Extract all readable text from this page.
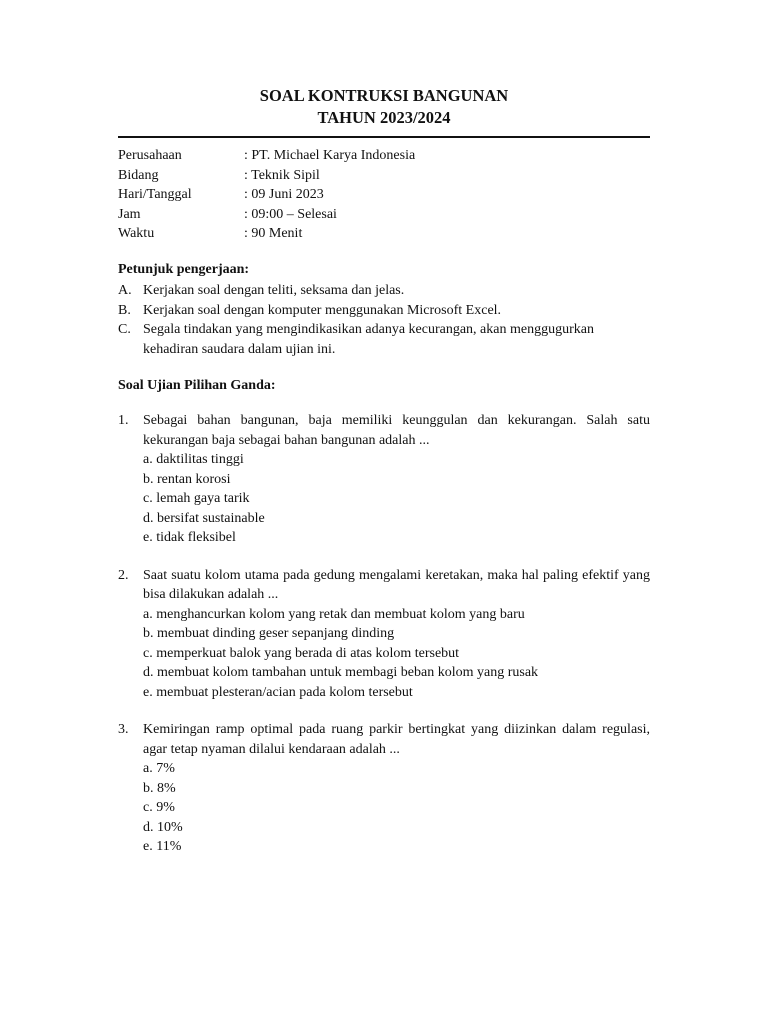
SOAL KONTRUKSI BANGUNAN
TAHUN 2023/2024
Perusahaan	: PT. Michael Karya Indonesia
Bidang	: Teknik Sipil
Hari/Tanggal	: 09 Juni 2023
Jam	: 09:00 – Selesai
Waktu	: 90 Menit
Petunjuk pengerjaan:
A. Kerjakan soal dengan teliti, seksama dan jelas.
B. Kerjakan soal dengan komputer menggunakan Microsoft Excel.
C. Segala tindakan yang mengindikasikan adanya kecurangan, akan menggugurkan kehadiran saudara dalam ujian ini.
Soal Ujian Pilihan Ganda:
1. Sebagai bahan bangunan, baja memiliki keunggulan dan kekurangan. Salah satu kekurangan baja sebagai bahan bangunan adalah ...
a. daktilitas tinggi
b. rentan korosi
c. lemah gaya tarik
d. bersifat sustainable
e. tidak fleksibel
2. Saat suatu kolom utama pada gedung mengalami keretakan, maka hal paling efektif yang bisa dilakukan adalah ...
a. menghancurkan kolom yang retak dan membuat kolom yang baru
b. membuat dinding geser sepanjang dinding
c. memperkuat balok yang berada di atas kolom tersebut
d. membuat kolom tambahan untuk membagi beban kolom yang rusak
e. membuat plesteran/acian pada kolom tersebut
3. Kemiringan ramp optimal pada ruang parkir bertingkat yang diizinkan dalam regulasi, agar tetap nyaman dilalui kendaraan adalah ...
a. 7%
b. 8%
c. 9%
d. 10%
e. 11%
